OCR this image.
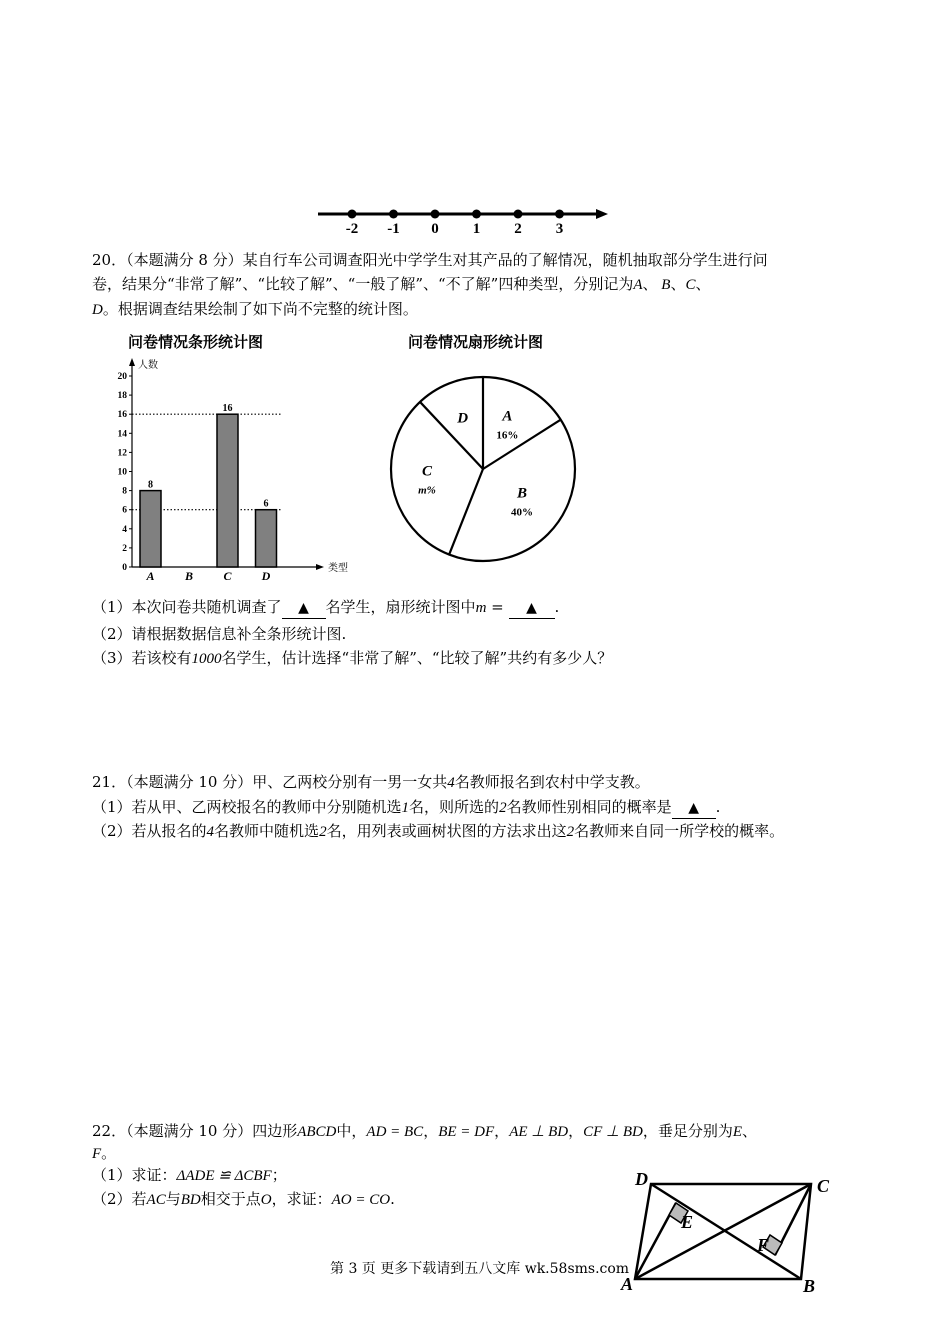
-2 -1 0 1 2 3
20．（本题满分 8 分）某自行车公司调查阳光中学学生对其产品的了解情况，随机抽取部分学生进行问
卷，结果分“非常了解”、“比较了解”、“一般了解”、“不了解”四种类型，分别记为A、 B、C、
D。根据调查结果绘制了如下尚不完整的统计图。
问卷情况条形统计图	问卷情况扇形统计图
人数
类型
0
2
4
6
8
10
12
14
16
18
20
8
A	B
16
C
6
D
A
16%
B
40%
C
m%
D
（1）本次问卷共随机调查了 ▲ 名学生，扇形统计图中m = ▲ .
（2）请根据数据信息补全条形统计图.
（3）若该校有1000名学生，估计选择“非常了解”、“比较了解”共约有多少人？
21．（本题满分 10 分）甲、乙两校分别有一男一女共4名教师报名到农村中学支教。
（1）若从甲、乙两校报名的教师中分别随机选1名，则所选的2名教师性别相同的概率是 ▲ .
（2）若从报名的4名教师中随机选2名，用列表或画树状图的方法求出这2名教师来自同一所学校的概率。
22．（本题满分 10 分）四边形ABCD中，AD = BC，BE = DF，AE ⊥ BD，CF ⊥ BD，垂足分别为E、
F。
（1）求证：ΔADE ≌ ΔCBF；
（2）若AC与BD相交于点O，求证：AO = CO.
D	C
A	B
E
F
第 3 页 更多下载请到五八文库 wk.58sms.com
